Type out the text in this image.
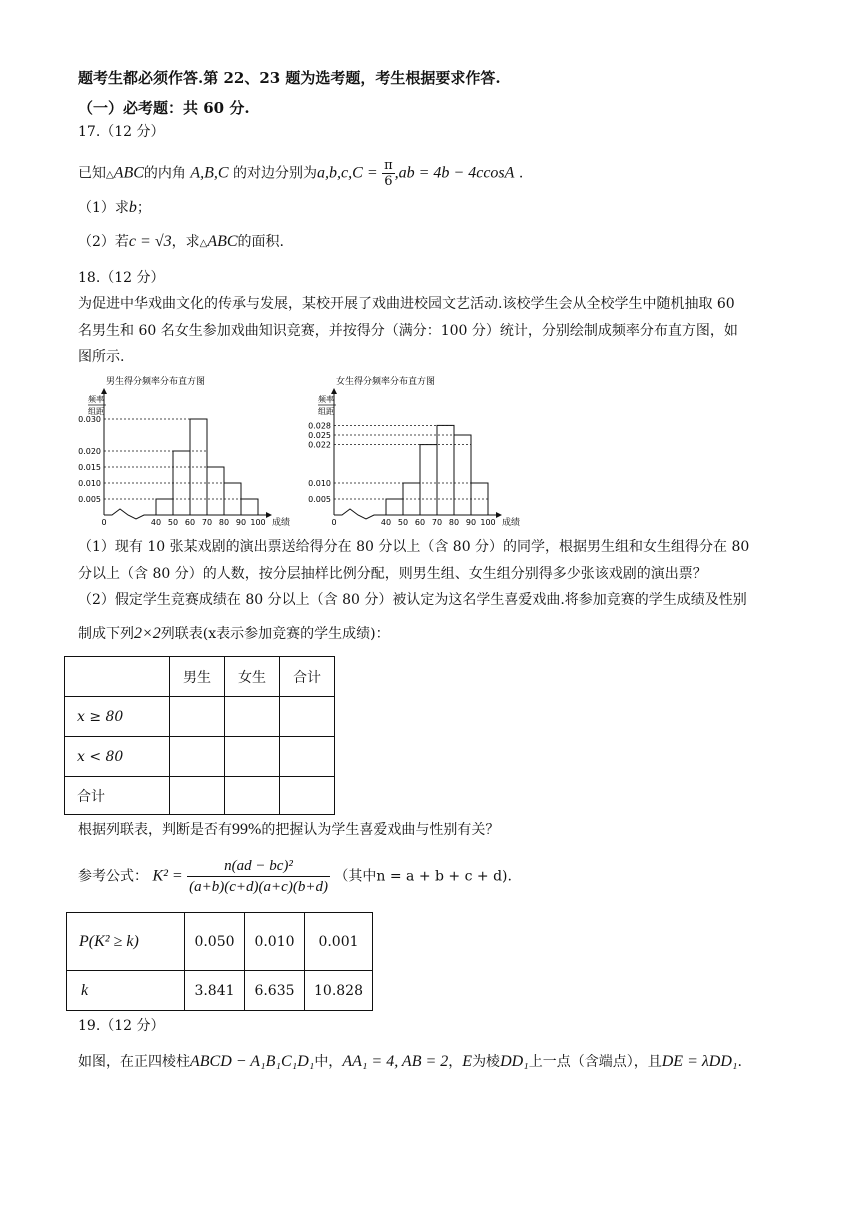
题考生都必须作答.第 22、23 题为选考题，考生根据要求作答.
（一）必考题：共 60 分.
17.（12 分）
已知△ABC的内角 A,B,C 的对边分别为$a,b,c,C = \frac{\pi}{6} ,ab = 4b - 4ccosA$ .
（1）求b；
（2）若c = √3，求△ABC的面积.
18.（12 分）
为促进中华戏曲文化的传承与发展，某校开展了戏曲进校园文艺活动.该校学生会从全校学生中随机抽取 60
名男生和 60 名女生参加戏曲知识竞赛，并按得分（满分：100 分）统计，分别绘制成频率分布直方图，如
图所示.
男生得分频率分布直方图
频率
组距
成绩
0	40 50 60 70 80 90 100
0.005
0.010
0.015
0.020
0.030
女生得分频率分布直方图
频率
组距
成绩
0	40 50 60 70 80 90 100
0.005
0.010
0.022
0.025
0.028
（1）现有 10 张某戏剧的演出票送给得分在 80 分以上（含 80 分）的同学，根据男生组和女生组得分在 80
分以上（含 80 分）的人数，按分层抽样比例分配，则男生组、女生组分别得多少张该戏剧的演出票？
（2）假定学生竞赛成绩在 80 分以上（含 80 分）被认定为这名学生喜爱戏曲.将参加竞赛的学生成绩及性别
制成下列2×2列联表(x表示参加竞赛的学生成绩)：
	男生	女生	合计
x ≥ 80			
x < 80			
合计			
根据列联表，判断是否有99%的把握认为学生喜爱戏曲与性别有关？
参考公式： $K^2 = \frac{\text{n(ad − bc)²}}{(a+b)(c+d)(a+c)(b+d)}$ （其中n = a + b + c + d).
P(K² ≥ k)	0.050	0.010	0.001
k	3.841	6.635	10.828
19.（12 分）
如图，在正四棱柱ABCD − A₁B₁C₁D₁中，AA₁ = 4, AB = 2，E为棱DD₁上一点（含端点），且DE = λDD₁.
